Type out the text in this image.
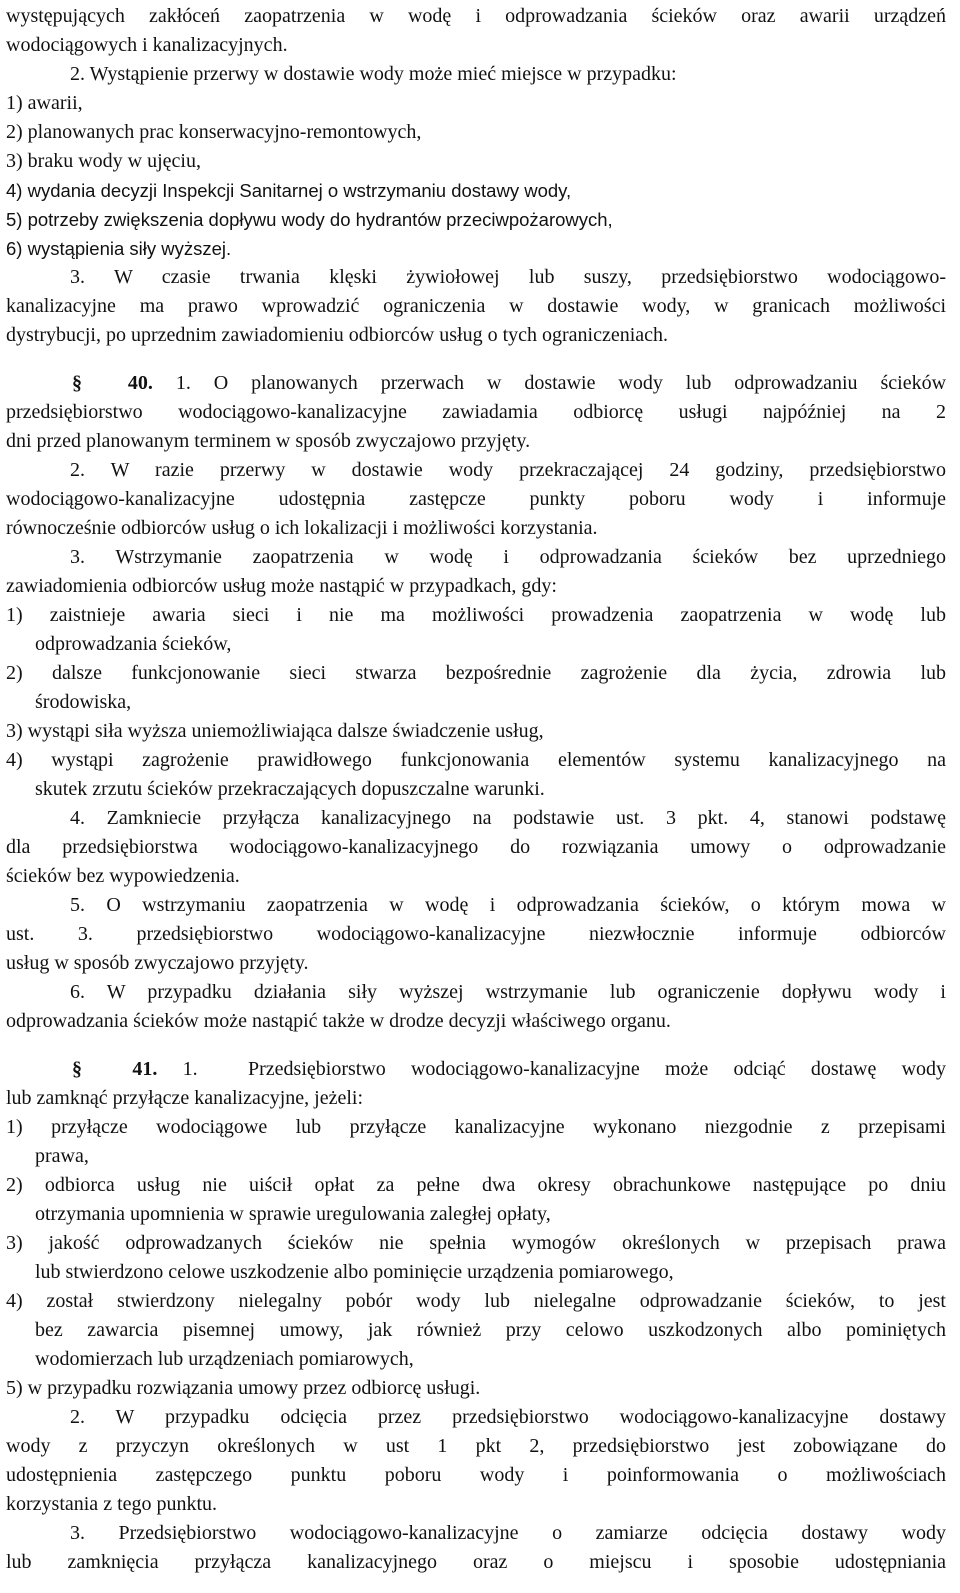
występujących zakłóceń zaopatrzenia w wodę i odprowadzania ścieków oraz awarii urządzeń
wodociągowych i kanalizacyjnych.
2. Wystąpienie przerwy w dostawie wody może mieć miejsce w przypadku:
1) awarii,
2) planowanych prac konserwacyjno-remontowych,
3) braku wody w ujęciu,
4) wydania decyzji Inspekcji Sanitarnej o wstrzymaniu dostawy wody,
5) potrzeby zwiększenia dopływu wody do hydrantów przeciwpożarowych,
6) wystąpienia siły wyższej.
3. W czasie trwania klęski żywiołowej lub suszy, przedsiębiorstwo wodociągowo-
kanalizacyjne ma prawo wprowadzić ograniczenia w dostawie wody, w granicach możliwości
dystrybucji, po uprzednim zawiadomieniu odbiorców usług o tych ograniczeniach.
§ 40. 1. O planowanych przerwach w dostawie wody lub odprowadzaniu ścieków
przedsiębiorstwo wodociągowo-kanalizacyjne zawiadamia odbiorcę usługi najpóźniej na 2
dni przed planowanym terminem w sposób zwyczajowo przyjęty.
2. W razie przerwy w dostawie wody przekraczającej 24 godziny, przedsiębiorstwo
wodociągowo-kanalizacyjne udostępnia zastępcze punkty poboru wody i informuje
równocześnie odbiorców usług o ich lokalizacji i możliwości korzystania.
3. Wstrzymanie zaopatrzenia w wodę i odprowadzania ścieków bez uprzedniego
zawiadomienia odbiorców usług może nastąpić w przypadkach, gdy:
1) zaistnieje awaria sieci i nie ma możliwości prowadzenia zaopatrzenia w wodę lub
odprowadzania ścieków,
2) dalsze funkcjonowanie sieci stwarza bezpośrednie zagrożenie dla życia, zdrowia lub
środowiska,
3) wystąpi siła wyższa uniemożliwiająca dalsze świadczenie usług,
4) wystąpi zagrożenie prawidłowego funkcjonowania elementów systemu kanalizacyjnego na
skutek zrzutu ścieków przekraczających dopuszczalne warunki.
4. Zamkniecie przyłącza kanalizacyjnego na podstawie ust. 3 pkt. 4, stanowi podstawę
dla przedsiębiorstwa wodociągowo-kanalizacyjnego do rozwiązania umowy o odprowadzanie
ścieków bez wypowiedzenia.
5. O wstrzymaniu zaopatrzenia w wodę i odprowadzania ścieków, o którym mowa w
ust. 3. przedsiębiorstwo wodociągowo-kanalizacyjne niezwłocznie informuje odbiorców
usług w sposób zwyczajowo przyjęty.
6. W przypadku działania siły wyższej wstrzymanie lub ograniczenie dopływu wody i
odprowadzania ścieków może nastąpić także w drodze decyzji właściwego organu.
§	41. 1.	Przedsiębiorstwo wodociągowo-kanalizacyjne może odciąć dostawę wody
lub zamknąć przyłącze kanalizacyjne, jeżeli:
1) przyłącze wodociągowe lub przyłącze kanalizacyjne wykonano niezgodnie z przepisami
prawa,
2) odbiorca usług nie uiścił opłat za pełne dwa okresy obrachunkowe następujące po dniu
otrzymania upomnienia w sprawie uregulowania zaległej opłaty,
3) jakość odprowadzanych ścieków nie spełnia wymogów określonych w przepisach prawa
lub stwierdzono celowe uszkodzenie albo pominięcie urządzenia pomiarowego,
4) został stwierdzony nielegalny pobór wody lub nielegalne odprowadzanie ścieków, to jest
bez zawarcia pisemnej umowy, jak również przy celowo uszkodzonych albo pominiętych
wodomierzach lub urządzeniach pomiarowych,
5) w przypadku rozwiązania umowy przez odbiorcę usługi.
2. W przypadku odcięcia przez przedsiębiorstwo wodociągowo-kanalizacyjne dostawy
wody z przyczyn określonych w ust 1 pkt 2, przedsiębiorstwo jest zobowiązane do
udostępnienia zastępczego punktu poboru wody i poinformowania o możliwościach
korzystania z tego punktu.
3. Przedsiębiorstwo wodociągowo-kanalizacyjne o zamiarze odcięcia dostawy wody
lub zamknięcia przyłącza kanalizacyjnego oraz o miejscu i sposobie udostępniania
